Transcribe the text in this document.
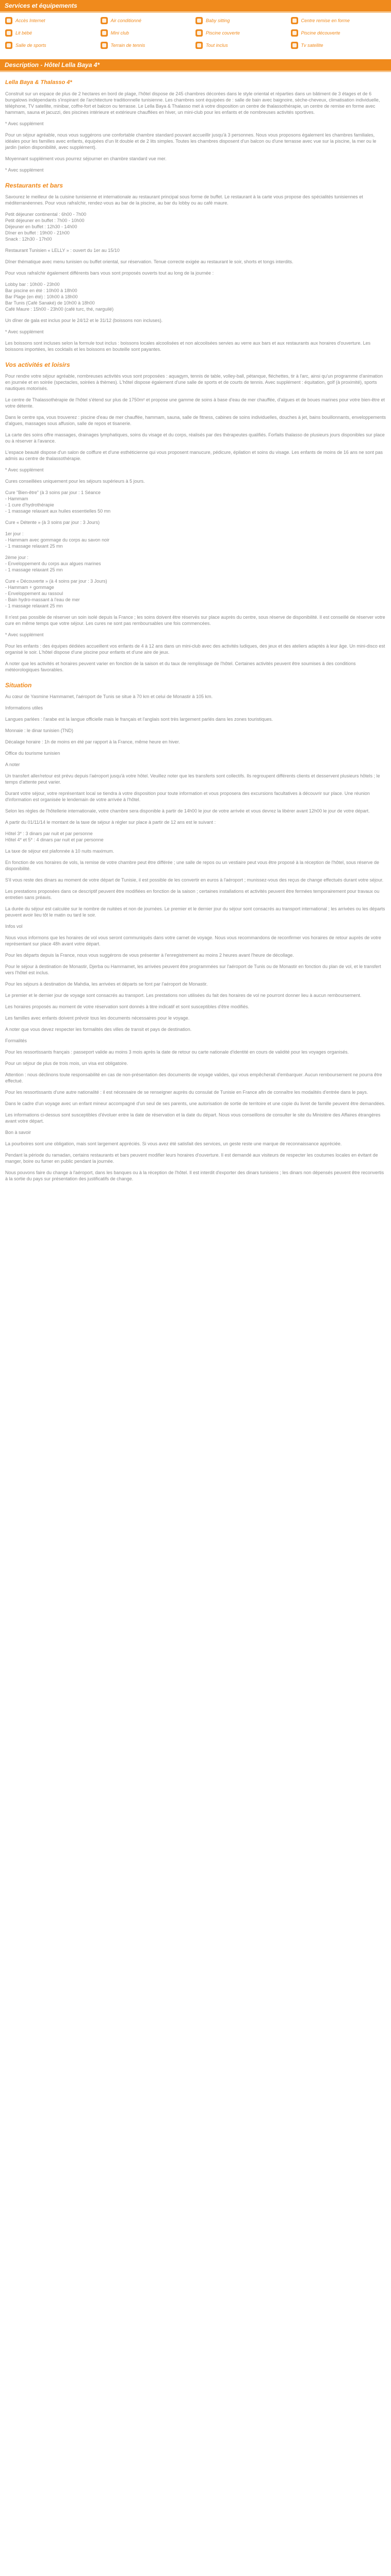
Services et équipements
Accès Internet	Air conditionné	Baby sitting	Centre remise en forme
Lit bébé	Mini club	Piscine couverte	Piscine découverte
Salle de sports	Terrain de tennis	Tout inclus	Tv satellite
Description - Hôtel Lella Baya 4*
Lella Baya & Thalasso 4*

Construit sur un espace de plus de 2 hectares en bord de plage, l'hôtel dispose de 245 chambres décorées dans le style oriental et réparties dans un bâtiment de 3 étages et de 6 bungalows indépendants s'inspirant de l'architecture traditionnelle tunisienne. Les chambres sont équipées de : salle de bain avec baignoire, sèche-cheveux, climatisation individuelle, téléphone, TV satellite, minibar, coffre-fort et balcon ou terrasse. Le Lella Baya & Thalasso met à votre disposition un centre de thalassothérapie, un centre de remise en forme avec hammam, sauna et jacuzzi, des piscines intérieure et extérieure chauffées en hiver, un mini-club pour les enfants et de nombreuses activités sportives.

* Avec supplément

Pour un séjour agréable, nous vous suggérons une confortable chambre standard pouvant accueillir jusqu'à 3 personnes. Nous vous proposons également les chambres familiales, idéales pour les familles avec enfants, équipées d'un lit double et de 2 lits simples. Toutes les chambres disposent d'un balcon ou d'une terrasse avec vue sur la piscine, la mer ou le jardin (selon disponibilité, avec supplément).

Moyennant supplément vous pourrez séjourner en chambre standard vue mer.

* Avec supplément

Restaurants et bars

Savourez le meilleur de la cuisine tunisienne et internationale au restaurant principal sous forme de buffet. Le restaurant à la carte vous propose des spécialités tunisiennes et méditerranéennes. Pour vous rafraîchir, rendez-vous au bar de la piscine, au bar du lobby ou au café maure.

Petit déjeuner continental : 6h00 - 7h00
Petit déjeuner en buffet : 7h00 - 10h00
Déjeuner en buffet : 12h30 - 14h00
Dîner en buffet : 19h00 - 21h00
Snack : 12h30 - 17h00

Restaurant Tunisien « LELLY » : ouvert du 1er au 15/10

Dîner thématique avec menu tunisien ou buffet oriental, sur réservation. Tenue correcte exigée au restaurant le soir, shorts et tongs interdits.

Pour vous rafraîchir également différents bars vous sont proposés ouverts tout au long de la journée :

Lobby bar : 10h00 - 23h00
Bar piscine en été : 10h00 à 18h00
Bar Plage (en été) : 10h00 à 18h00
Bar Tunis (Café Sanaké) de 10h00 à 18h00
Café Maure : 15h00 - 23h00 (café turc, thé, narguilé)

Un dîner de gala est inclus pour le 24/12 et le 31/12 (boissons non incluses).

* Avec supplément

Les boissons sont incluses selon la formule tout inclus : boissons locales alcoolisées et non alcoolisées servies au verre aux bars et aux restaurants aux horaires d'ouverture. Les boissons importées, les cocktails et les boissons en bouteille sont payantes.

Vos activités et loisirs

Pour rendre votre séjour agréable, nombreuses activités vous sont proposées : aquagym, tennis de table, volley-ball, pétanque, fléchettes, tir à l'arc, ainsi qu'un programme d'animation en journée et en soirée (spectacles, soirées à thèmes). L'hôtel dispose également d'une salle de sports et de courts de tennis. Avec supplément : équitation, golf (à proximité), sports nautiques motorisés.

Le centre de Thalassothérapie de l'hôtel s'étend sur plus de 1750m² et propose une gamme de soins à base d'eau de mer chauffée, d'algues et de boues marines pour votre bien-être et votre détente.

Dans le centre spa, vous trouverez : piscine d'eau de mer chauffée, hammam, sauna, salle de fitness, cabines de soins individuelles, douches à jet, bains bouillonnants, enveloppements d'algues, massages sous affusion, salle de repos et tisanerie.

La carte des soins offre massages, drainages lymphatiques, soins du visage et du corps, réalisés par des thérapeutes qualifiés. Forfaits thalasso de plusieurs jours disponibles sur place ou à réserver à l'avance.

L'espace beauté dispose d'un salon de coiffure et d'une esthéticienne qui vous proposent manucure, pédicure, épilation et soins du visage. Les enfants de moins de 16 ans ne sont pas admis au centre de thalassothérapie.

* Avec supplément

Cures conseillées uniquement pour les séjours supérieurs à 5 jours.

Cure "Bien-être" (à 3 soins par jour : 1 Séance
- Hammam
- 1 cure d'hydrothérapie
- 1 massage relaxant aux huiles essentielles 50 mn

Cure « Détente » (à 3 soins par jour : 3 Jours)

1er jour :
- Hammam avec gommage du corps au savon noir
- 1 massage relaxant 25 mn

2ème jour :
- Enveloppement du corps aux algues marines
- 1 massage relaxant 25 mn

Cure « Découverte » (à 4 soins par jour : 3 Jours)
- Hammam + gommage
- Enveloppement au rassoul
- Bain hydro-massant à l'eau de mer
- 1 massage relaxant 25 mn

Il n'est pas possible de réserver un soin isolé depuis la France ; les soins doivent être réservés sur place auprès du centre, sous réserve de disponibilité. Il est conseillé de réserver votre cure en même temps que votre séjour. Les cures ne sont pas remboursables une fois commencées.

* Avec supplément

Pour les enfants : des équipes dédiées accueillent vos enfants de 4 à 12 ans dans un mini-club avec des activités ludiques, des jeux et des ateliers adaptés à leur âge. Un mini-disco est organisé le soir. L'hôtel dispose d'une piscine pour enfants et d'une aire de jeux.

A noter que les activités et horaires peuvent varier en fonction de la saison et du taux de remplissage de l'hôtel. Certaines activités peuvent être soumises à des conditions météorologiques favorables.

Situation

Au cœur de Yasmine Hammamet, l'aéroport de Tunis se situe à 70 km et celui de Monastir à 105 km.

Informations utiles

Langues parlées : l'arabe est la langue officielle mais le français et l'anglais sont très largement parlés dans les zones touristiques.

Monnaie : le dinar tunisien (TND)

Décalage horaire : 1h de moins en été par rapport à la France, même heure en hiver.

Office du tourisme tunisien

A noter

Un transfert aller/retour est prévu depuis l'aéroport jusqu'à votre hôtel. Veuillez noter que les transferts sont collectifs. Ils regroupent différents clients et desservent plusieurs hôtels ; le temps d'attente peut varier.

Durant votre séjour, votre représentant local se tiendra à votre disposition pour toute information et vous proposera des excursions facultatives à découvrir sur place. Une réunion d'information est organisée le lendemain de votre arrivée à l'hôtel.

Selon les règles de l'hôtellerie internationale, votre chambre sera disponible à partir de 14h00 le jour de votre arrivée et vous devrez la libérer avant 12h00 le jour de votre départ.

A partir du 01/11/14 le montant de la taxe de séjour à régler sur place à partir de 12 ans est le suivant :

Hôtel 3* : 3 dinars par nuit et par personne
Hôtel 4* et 5* : 4 dinars par nuit et par personne

La taxe de séjour est plafonnée à 10 nuits maximum.

En fonction de vos horaires de vols, la remise de votre chambre peut être différée ; une salle de repos ou un vestiaire peut vous être proposé à la réception de l'hôtel, sous réserve de disponibilité.

S'il vous reste des dinars au moment de votre départ de Tunisie, il est possible de les convertir en euros à l'aéroport ; munissez-vous des reçus de change effectués durant votre séjour.

Les prestations proposées dans ce descriptif peuvent être modifiées en fonction de la saison ; certaines installations et activités peuvent être fermées temporairement pour travaux ou entretien sans préavis.

La durée du séjour est calculée sur le nombre de nuitées et non de journées. Le premier et le dernier jour du séjour sont consacrés au transport international ; les arrivées ou les départs peuvent avoir lieu tôt le matin ou tard le soir.

Infos vol

Nous vous informons que les horaires de vol vous seront communiqués dans votre carnet de voyage. Nous vous recommandons de reconfirmer vos horaires de retour auprès de votre représentant sur place 48h avant votre départ.

Pour les départs depuis la France, nous vous suggérons de vous présenter à l'enregistrement au moins 2 heures avant l'heure de décollage.

Pour le séjour à destination de Monastir, Djerba ou Hammamet, les arrivées peuvent être programmées sur l'aéroport de Tunis ou de Monastir en fonction du plan de vol, et le transfert vers l'hôtel est inclus.

Pour les séjours à destination de Mahdia, les arrivées et départs se font par l'aéroport de Monastir.

Le premier et le dernier jour de voyage sont consacrés au transport. Les prestations non utilisées du fait des horaires de vol ne pourront donner lieu à aucun remboursement.

Les horaires proposés au moment de votre réservation sont donnés à titre indicatif et sont susceptibles d'être modifiés.

Les familles avec enfants doivent prévoir tous les documents nécessaires pour le voyage.

A noter que vous devez respecter les formalités des villes de transit et pays de destination.

Formalités

Pour les ressortissants français : passeport valide au moins 3 mois après la date de retour ou carte nationale d'identité en cours de validité pour les voyages organisés.

Pour un séjour de plus de trois mois, un visa est obligatoire.

Attention : nous déclinons toute responsabilité en cas de non-présentation des documents de voyage valides, qui vous empêcherait d'embarquer. Aucun remboursement ne pourra être effectué.

Pour les ressortissants d'une autre nationalité : il est nécessaire de se renseigner auprès du consulat de Tunisie en France afin de connaître les modalités d'entrée dans le pays.

Dans le cadre d'un voyage avec un enfant mineur accompagné d'un seul de ses parents, une autorisation de sortie de territoire et une copie du livret de famille peuvent être demandées.

Les informations ci-dessus sont susceptibles d'évoluer entre la date de réservation et la date du départ. Nous vous conseillons de consulter le site du Ministère des Affaires étrangères avant votre départ.

Bon à savoir

La pourboires sont une obligation, mais sont largement appréciés. Si vous avez été satisfait des services, un geste reste une marque de reconnaissance appréciée.

Pendant la période du ramadan, certains restaurants et bars peuvent modifier leurs horaires d'ouverture. Il est demandé aux visiteurs de respecter les coutumes locales en évitant de manger, boire ou fumer en public pendant la journée.

Nous pouvons faire du change à l'aéroport, dans les banques ou à la réception de l'hôtel. Il est interdit d'exporter des dinars tunisiens ; les dinars non dépensés peuvent être reconvertis à la sortie du pays sur présentation des justificatifs de change.
